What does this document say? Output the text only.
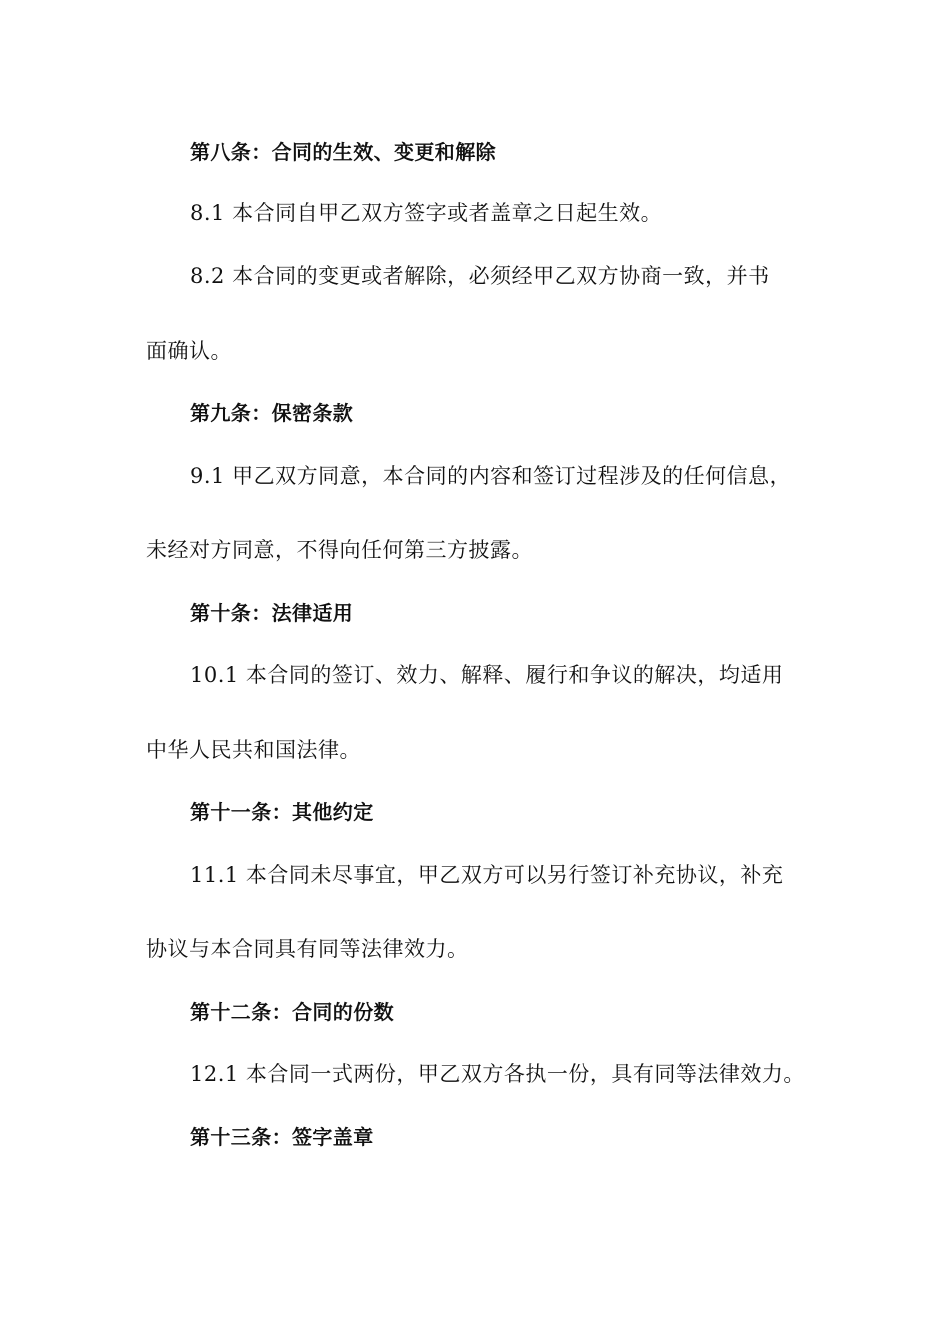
第八条：合同的生效、变更和解除
8.1 本合同自甲乙双方签字或者盖章之日起生效。
8.2 本合同的变更或者解除，必须经甲乙双方协商一致，并书
面确认。
第九条：保密条款
9.1 甲乙双方同意，本合同的内容和签订过程涉及的任何信息，
未经对方同意，不得向任何第三方披露。
第十条：法律适用
10.1 本合同的签订、效力、解释、履行和争议的解决，均适用
中华人民共和国法律。
第十一条：其他约定
11.1 本合同未尽事宜，甲乙双方可以另行签订补充协议，补充
协议与本合同具有同等法律效力。
第十二条：合同的份数
12.1 本合同一式两份，甲乙双方各执一份，具有同等法律效力。
第十三条：签字盖章
